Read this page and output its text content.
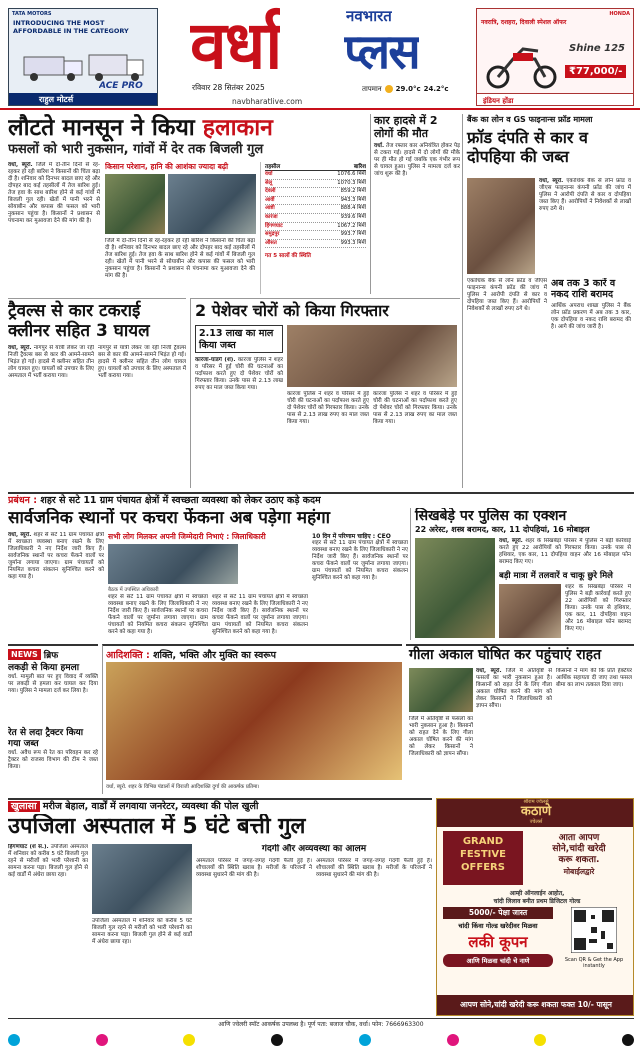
TATA MOTORS
INTRODUCING THE MOST AFFORDABLE IN THE CATEGORY
ACE PRO
राहुल मोटर्स
वर्धा	नवभारत
प्लस
रविवार 28 सितंबर 2025
navbharatlive.com
तापमान 29.0°c 24.2°c
HONDA
नवरात्रि, दशहरा, दिवाली स्पेशल ऑफर
Shine 125
₹77,000/-
इंडियन होंडा
लौटते मानसून ने किया हलाकान
फसलों को भारी नुकसान, गांवों में देर तक बिजली गुल
वर्धा, ब्यूरो. जिले में दो-तीन दिनों से रह-रहकर हो रही बारिश ने किसानों की चिंता बढ़ा दी है। शनिवार को दिनभर बादल छाए रहे और दोपहर बाद कई तहसीलों में तेज बारिश हुई। तेज हवा के साथ बारिश होने से कई गांवों में बिजली गुल रही। खेतों में पानी भरने से सोयाबीन और कपास की फसल को भारी नुकसान पहुंचा है। किसानों ने प्रशासन से पंचनामा कर मुआवजा देने की मांग की है।
किसान परेशान, हानि की आशंका ज्यादा बढ़ी
जिले में दो-तीन दिनों से रह-रहकर हो रही बारिश ने किसानों की चिंता बढ़ा दी है। शनिवार को दिनभर बादल छाए रहे और दोपहर बाद कई तहसीलों में तेज बारिश हुई। तेज हवा के साथ बारिश होने से कई गांवों में बिजली गुल रही। खेतों में पानी भरने से सोयाबीन और कपास की फसल को भारी नुकसान पहुंचा है। किसानों ने प्रशासन से पंचनामा कर मुआवजा देने की मांग की है।
तहसील	बारिश
वर्धा	1076.6 मिमी
सेलू	1070.3 मिमी
देवली	859.2 मिमी
आर्वी	943.3 मिमी
आष्टी	888.4 मिमी
कारंजा	939.6 मिमी
हिंगणघाट	1067.2 मिमी
समुद्रपुर	993.7 मिमी
औसत	993.3 मिमी
गत 5 सालों की स्थिति
कार हादसे में 2 लोगों की मौत
वर्धा. तेज रफ्तार कार अनियंत्रित होकर पेड़ से टकरा गई। हादसे में दो लोगों की मौके पर ही मौत हो गई जबकि एक गंभीर रूप से घायल हुआ। पुलिस ने मामला दर्ज कर जांच शुरू की है।
बैंक का लोन व GS फाइनान्स फ्रॉड मामला
फ्रॉड दंपति से कार व दोपहिया की जब्त
वर्धा, ब्यूरो. एकाधिक बैंक से लोन फ्रॉड व जीएस फाइनान्स कंपनी फ्रॉड की जांच में पुलिस ने आरोपी दंपति से कार व दोपहिया जब्त किए हैं। आरोपियों ने निवेशकों से लाखों रुपए ठगे थे।
एकाधिक बैंक से लोन फ्रॉड व जीएस फाइनान्स कंपनी फ्रॉड की जांच में पुलिस ने आरोपी दंपति से कार व दोपहिया जब्त किए हैं। आरोपियों ने निवेशकों से लाखों रुपए ठगे थे।
अब तक 3 कारें व नकद राशि बरामद
आर्थिक अपराध शाखा पुलिस ने बैंक लोन फ्रॉड प्रकरण में अब तक 3 कार, एक दोपहिया व नकद राशि बरामद की है। आगे की जांच जारी है।
ट्रैवल्स से कार टकराई क्लीनर सहित 3 घायल
वर्धा, ब्यूरो. नागपुर से यात्री लेकर जा रही निजी ट्रैवल्स बस से कार की आमने-सामने भिड़ंत हो गई। हादसे में क्लीनर सहित तीन लोग घायल हुए। घायलों को उपचार के लिए अस्पताल में भर्ती कराया गया।
नागपुर से यात्री लेकर जा रही निजी ट्रैवल्स बस से कार की आमने-सामने भिड़ंत हो गई। हादसे में क्लीनर सहित तीन लोग घायल हुए। घायलों को उपचार के लिए अस्पताल में भर्ती कराया गया।
2 पेशेवर चोरों को किया गिरफ्तार
2.13 लाख का माल किया जब्त
कारंजा-घाडगे (श). कारंजा पुलिस ने शहर व परिसर में हुई चोरी की घटनाओं का पर्दाफाश करते हुए दो पेशेवर चोरों को गिरफ्तार किया। उनके पास से 2.13 लाख रुपए का माल जब्त किया गया।
कारंजा पुलिस ने शहर व परिसर में हुई चोरी की घटनाओं का पर्दाफाश करते हुए दो पेशेवर चोरों को गिरफ्तार किया। उनके पास से 2.13 लाख रुपए का माल जब्त किया गया।
कारंजा पुलिस ने शहर व परिसर में हुई चोरी की घटनाओं का पर्दाफाश करते हुए दो पेशेवर चोरों को गिरफ्तार किया। उनके पास से 2.13 लाख रुपए का माल जब्त किया गया।
प्रबंधन : शहर से सटे 11 ग्राम पंचायत क्षेत्रों में स्वच्छता व्यवस्था को लेकर उठाए कड़े कदम
सार्वजनिक स्थानों पर कचरा फेंकना अब पड़ेगा महंगा
वर्धा, ब्यूरो. शहर से सटे 11 ग्राम पंचायत क्षेत्रों में स्वच्छता व्यवस्था बनाए रखने के लिए जिलाधिकारी ने नए निर्देश जारी किए हैं। सार्वजनिक स्थानों पर कचरा फेंकने वालों पर जुर्माना लगाया जाएगा। ग्राम पंचायतों को नियमित कचरा संकलन सुनिश्चित करने को कहा गया है।
सभी लोग मिलकर अपनी जिम्मेदारी निभाएं : जिलाधिकारी
बैठक में उपस्थित अधिकारी
शहर से सटे 11 ग्राम पंचायत क्षेत्रों में स्वच्छता व्यवस्था बनाए रखने के लिए जिलाधिकारी ने नए निर्देश जारी किए हैं। सार्वजनिक स्थानों पर कचरा फेंकने वालों पर जुर्माना लगाया जाएगा। ग्राम पंचायतों को नियमित कचरा संकलन सुनिश्चित करने को कहा गया है।
शहर से सटे 11 ग्राम पंचायत क्षेत्रों में स्वच्छता व्यवस्था बनाए रखने के लिए जिलाधिकारी ने नए निर्देश जारी किए हैं। सार्वजनिक स्थानों पर कचरा फेंकने वालों पर जुर्माना लगाया जाएगा। ग्राम पंचायतों को नियमित कचरा संकलन सुनिश्चित करने को कहा गया है।
10 दिन में परिणाम चाहिए : CEO
शहर से सटे 11 ग्राम पंचायत क्षेत्रों में स्वच्छता व्यवस्था बनाए रखने के लिए जिलाधिकारी ने नए निर्देश जारी किए हैं। सार्वजनिक स्थानों पर कचरा फेंकने वालों पर जुर्माना लगाया जाएगा। ग्राम पंचायतों को नियमित कचरा संकलन सुनिश्चित करने को कहा गया है।
सिखबेड़े पर पुलिस का एक्शन
22 अरेस्ट, शस्त्र बरामद, कार, 11 दोपहियां, 16 मोबाइल
वर्धा, ब्यूरो. शहर के सिखबेड़ा परिसर में पुलिस ने बड़ी कार्रवाई करते हुए 22 आरोपियों को गिरफ्तार किया। उनके पास से हथियार, एक कार, 11 दोपहिया वाहन और 16 मोबाइल फोन बरामद किए गए।
बड़ी मात्रा में तलवारें व चाकू छुरे मिले
शहर के सिखबेड़ा परिसर में पुलिस ने बड़ी कार्रवाई करते हुए 22 आरोपियों को गिरफ्तार किया। उनके पास से हथियार, एक कार, 11 दोपहिया वाहन और 16 मोबाइल फोन बरामद किए गए।
NEWS ब्रिफ
लकड़ी से किया हमला
वर्धा. मामूली बात पर हुए विवाद में व्यक्ति पर लकड़ी से हमला कर घायल कर दिया गया। पुलिस ने मामला दर्ज कर लिया है।
रेत से लदा ट्रैक्टर किया गया जब्त
वर्धा. अवैध रूप से रेत का परिवहन कर रहे ट्रैक्टर को राजस्व विभाग की टीम ने जब्त किया।
आदिशक्ति : शक्ति, भक्ति और मुक्ति का स्वरूप
वर्धा, ब्यूरो. शहर के विभिन्न पंडालों में विराजी आदिशक्ति दुर्गा की आकर्षक प्रतिमा।
गीला अकाल घोषित कर पहुंचाएं राहत
वर्धा, ब्यूरो. जिले में अतिवृष्टि से फसलों का भारी नुकसान हुआ है। किसानों को राहत देने के लिए गीला अकाल घोषित करने की मांग को लेकर किसानों ने जिलाधिकारी को ज्ञापन सौंपा।
किसानों ने मांग की कि प्रति हेक्टेयर आर्थिक सहायता दी जाए तथा फसल बीमा का लाभ तत्काल दिया जाए।
जिले में अतिवृष्टि से फसलों का भारी नुकसान हुआ है। किसानों को राहत देने के लिए गीला अकाल घोषित करने की मांग को लेकर किसानों ने जिलाधिकारी को ज्ञापन सौंपा।
खुलासा मरीज बेहाल, वार्डों में लगवाया जनरेटर, व्यवस्था की पोल खुली
उपजिला अस्पताल में 5 घंटे बत्ती गुल
हिंगणघाट (श स.). उपजिला अस्पताल में शनिवार को करीब 5 घंटे बिजली गुल रहने से मरीजों को भारी परेशानी का सामना करना पड़ा। बिजली गुल होने से कई वार्डों में अंधेरा छाया रहा।
उपजिला अस्पताल में शनिवार को करीब 5 घंटे बिजली गुल रहने से मरीजों को भारी परेशानी का सामना करना पड़ा। बिजली गुल होने से कई वार्डों में अंधेरा छाया रहा।
गंदगी और अव्यवस्था का आलम
अस्पताल परिसर में जगह-जगह गंदगी फैली हुई है। शौचालयों की स्थिति खराब है। मरीजों के परिजनों ने व्यवस्था सुधारने की मांग की है।
अस्पताल परिसर में जगह-जगह गंदगी फैली हुई है। शौचालयों की स्थिति खराब है। मरीजों के परिजनों ने व्यवस्था सुधारने की मांग की है।
श्रीराम ज्वेलर्स
कठाणे
ज्वेलर्स
GRAND
FESTIVE
OFFERS
आता आपण
सोने,चांदी खरेदी
करू शकता.
मोबाईलद्वारे
आम्ही ऑनलाईन आहोत,
चांदी लिलाव बनीत प्रथम डिजिटल गोल्ड
5000/- पेक्षा जास्त
चांदी किंवा गोल्ड खरेदीवर मिळवा
लकी कूपन
आणि मिळवा चांदी चे नाणे	Scan QR & Get the App instantly
आपण सोने,चांदी खरेदी करू शकता फक्त 10/- पासून
आणि ज्वेलरी स्पॉट आकर्षक उपलब्ध है। पूर्ण पता: बजाज चौक, वर्धा। फोन: 7666963300
